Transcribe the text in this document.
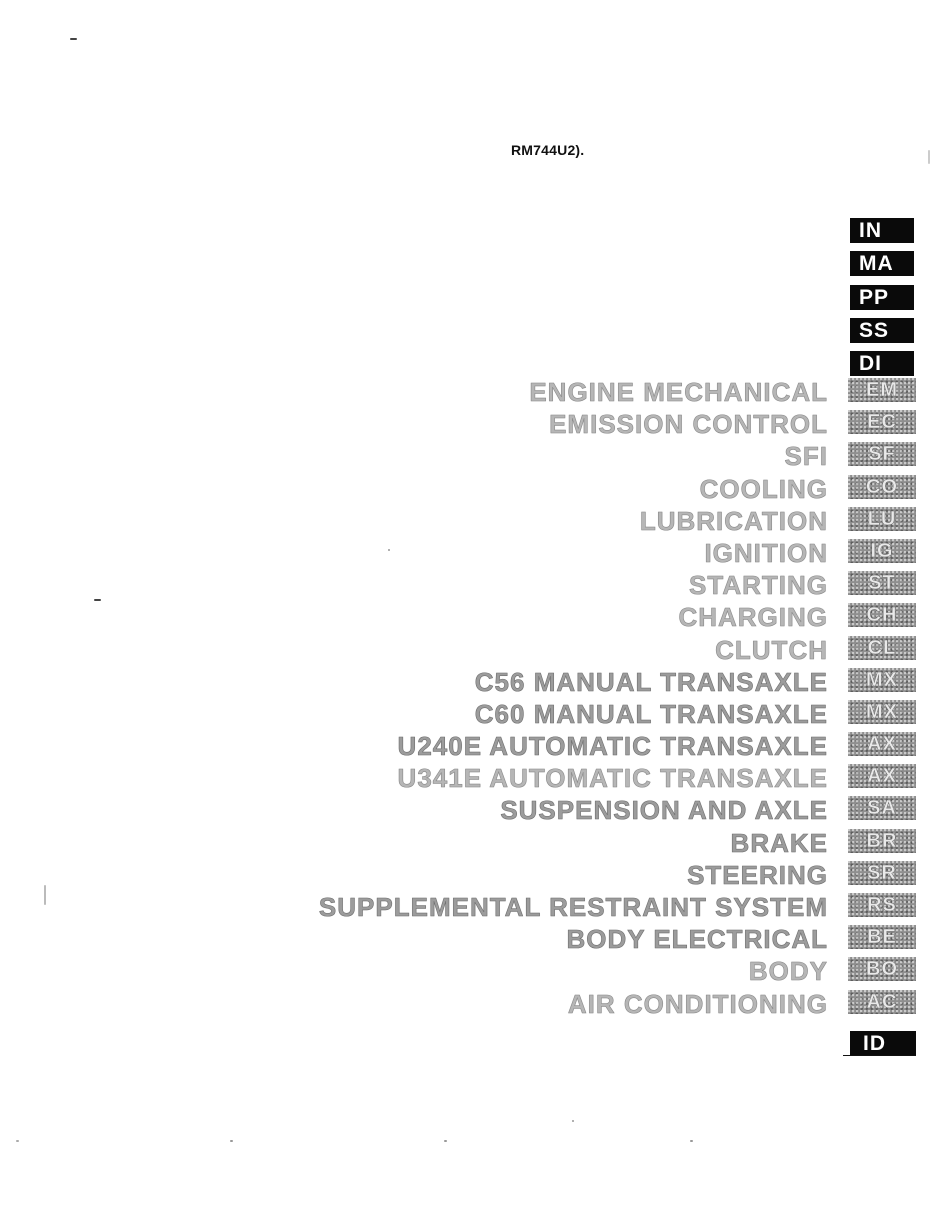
RM744U2).
IN
MA
PP
SS
DI
ENGINE MECHANICAL
EMISSION CONTROL
SFI
COOLING
LUBRICATION
IGNITION
STARTING
CHARGING
CLUTCH
C56 MANUAL TRANSAXLE
C60 MANUAL TRANSAXLE
U240E AUTOMATIC TRANSAXLE
U341E AUTOMATIC TRANSAXLE
SUSPENSION AND AXLE
BRAKE
STEERING
SUPPLEMENTAL RESTRAINT SYSTEM
BODY ELECTRICAL
BODY
AIR CONDITIONING
EM
EC
SF
CO
LU
IG
ST
CH
CL
MX
MX
AX
AX
SA
BR
SR
RS
BE
BO
AC
ID
